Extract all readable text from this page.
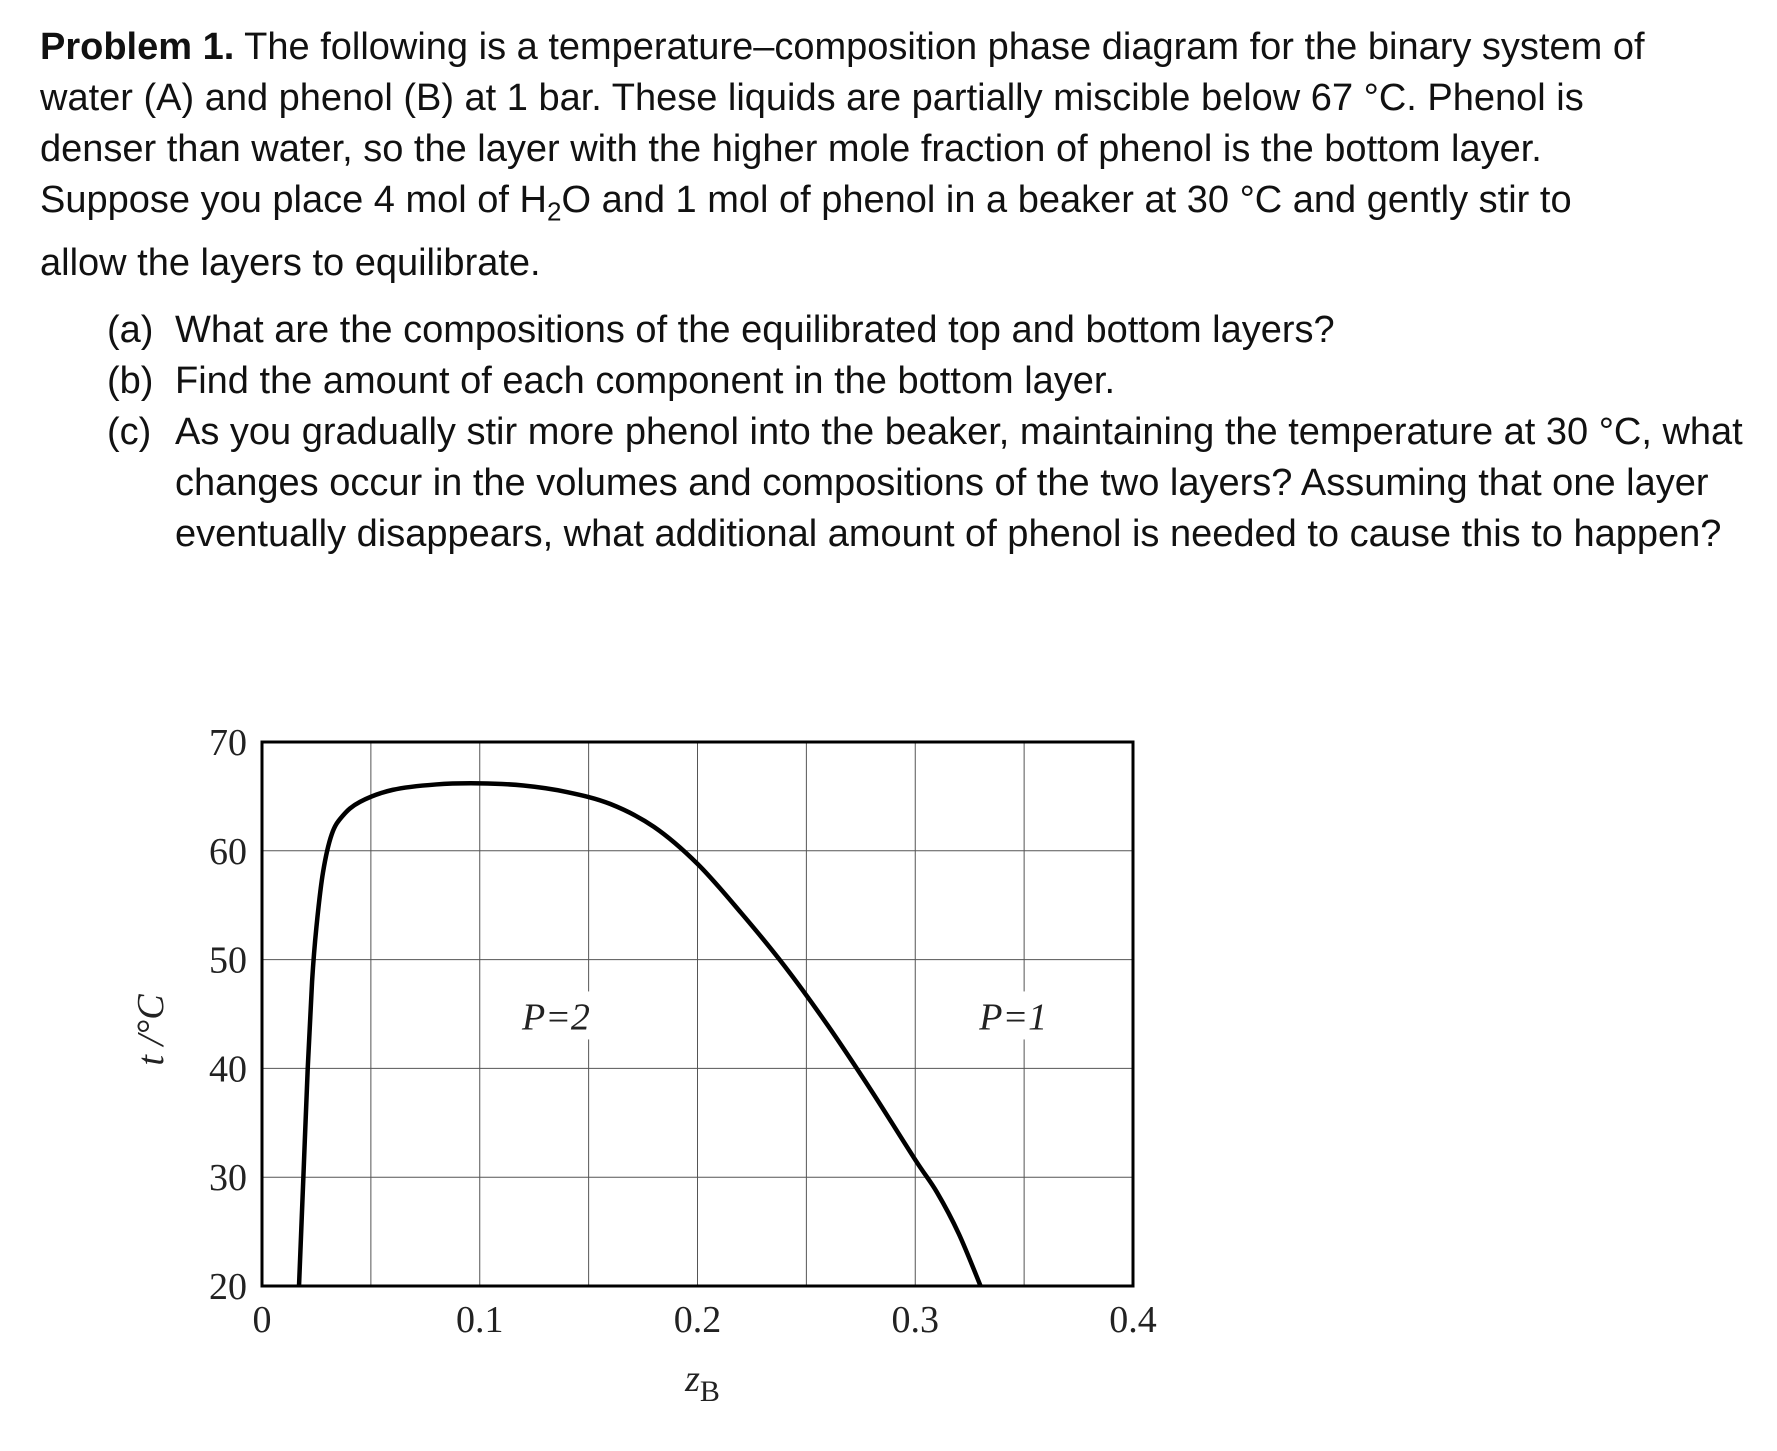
Problem 1. The following is a temperature–composition phase diagram for the binary system of

water (A) and phenol (B) at 1 bar. These liquids are partially miscible below 67 °C. Phenol is

denser than water, so the layer with the higher mole fraction of phenol is the bottom layer.

Suppose you place 4 mol of $H_2O$ and 1 mol of phenol in a beaker at 30 °C and gently stir to

allow the layers to equilibrate.

(a) What are the compositions of the equilibrated top and bottom layers?
(b) Find the amount of each component in the bottom layer.
(c) As you gradually stir more phenol into the beaker, maintaining the temperature at 30 °C, what changes occur in the volumes and compositions of the two layers? Assuming that one layer eventually disappears, what additional amount of phenol is needed to cause this to happen?
20
30
40
50
60
70
0	0.1	0.2	0.3	0.4
$z_B$
t /°C	P=2	P=1
